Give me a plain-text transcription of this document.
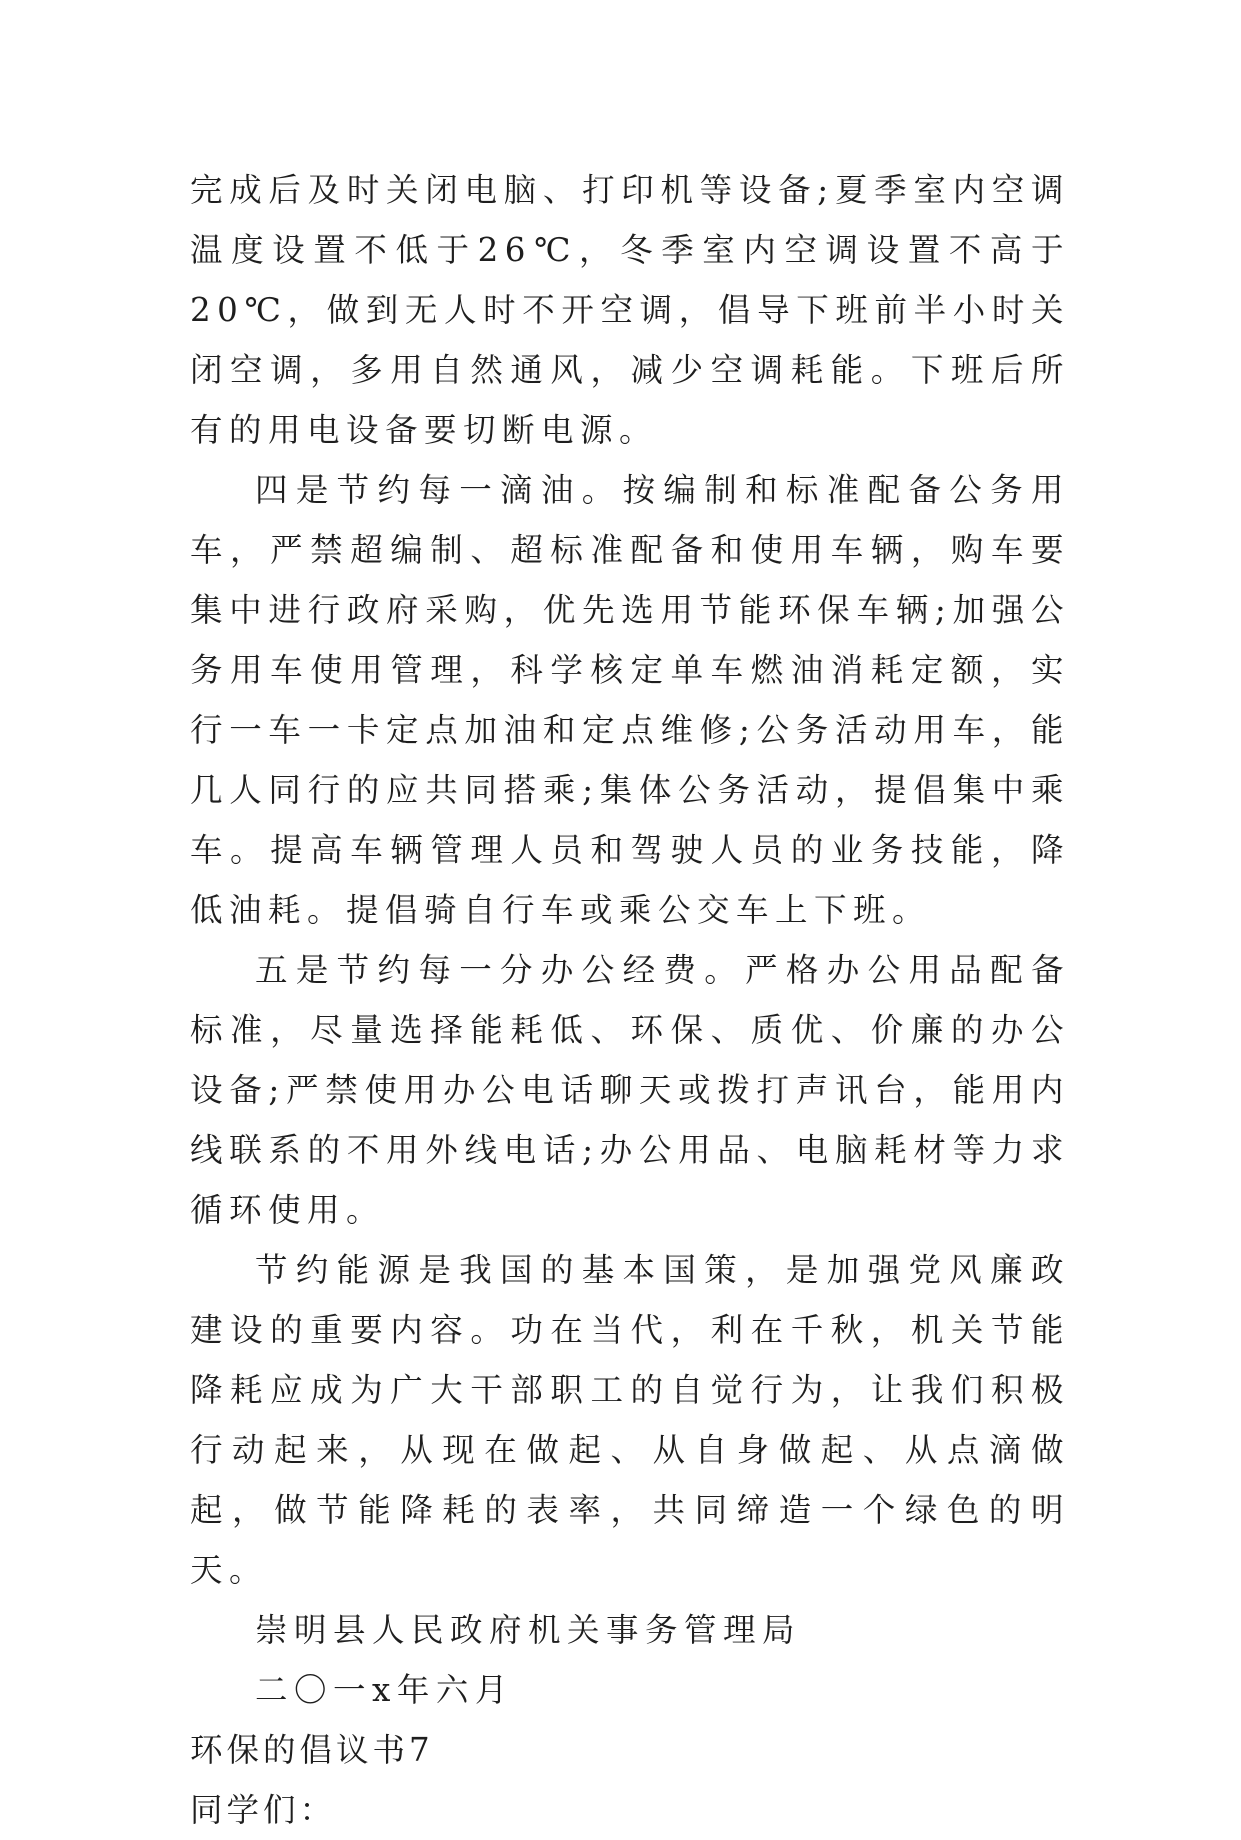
完成后及时关闭电脑、打印机等设备;夏季室内空调温度设置不低于26℃，冬季室内空调设置不高于20℃，做到无人时不开空调，倡导下班前半小时关闭空调，多用自然通风，减少空调耗能。下班后所有的用电设备要切断电源。

四是节约每一滴油。按编制和标准配备公务用车，严禁超编制、超标准配备和使用车辆，购车要集中进行政府采购，优先选用节能环保车辆;加强公务用车使用管理，科学核定单车燃油消耗定额，实行一车一卡定点加油和定点维修;公务活动用车，能几人同行的应共同搭乘;集体公务活动，提倡集中乘车。提高车辆管理人员和驾驶人员的业务技能，降低油耗。提倡骑自行车或乘公交车上下班。

五是节约每一分办公经费。严格办公用品配备标准，尽量选择能耗低、环保、质优、价廉的办公设备;严禁使用办公电话聊天或拨打声讯台，能用内线联系的不用外线电话;办公用品、电脑耗材等力求循环使用。

节约能源是我国的基本国策，是加强党风廉政建设的重要内容。功在当代，利在千秋，机关节能降耗应成为广大干部职工的自觉行为，让我们积极行动起来，从现在做起、从自身做起、从点滴做起，做节能降耗的表率，共同缔造一个绿色的明天。

崇明县人民政府机关事务管理局

二〇一x年六月

环保的倡议书7

同学们：
